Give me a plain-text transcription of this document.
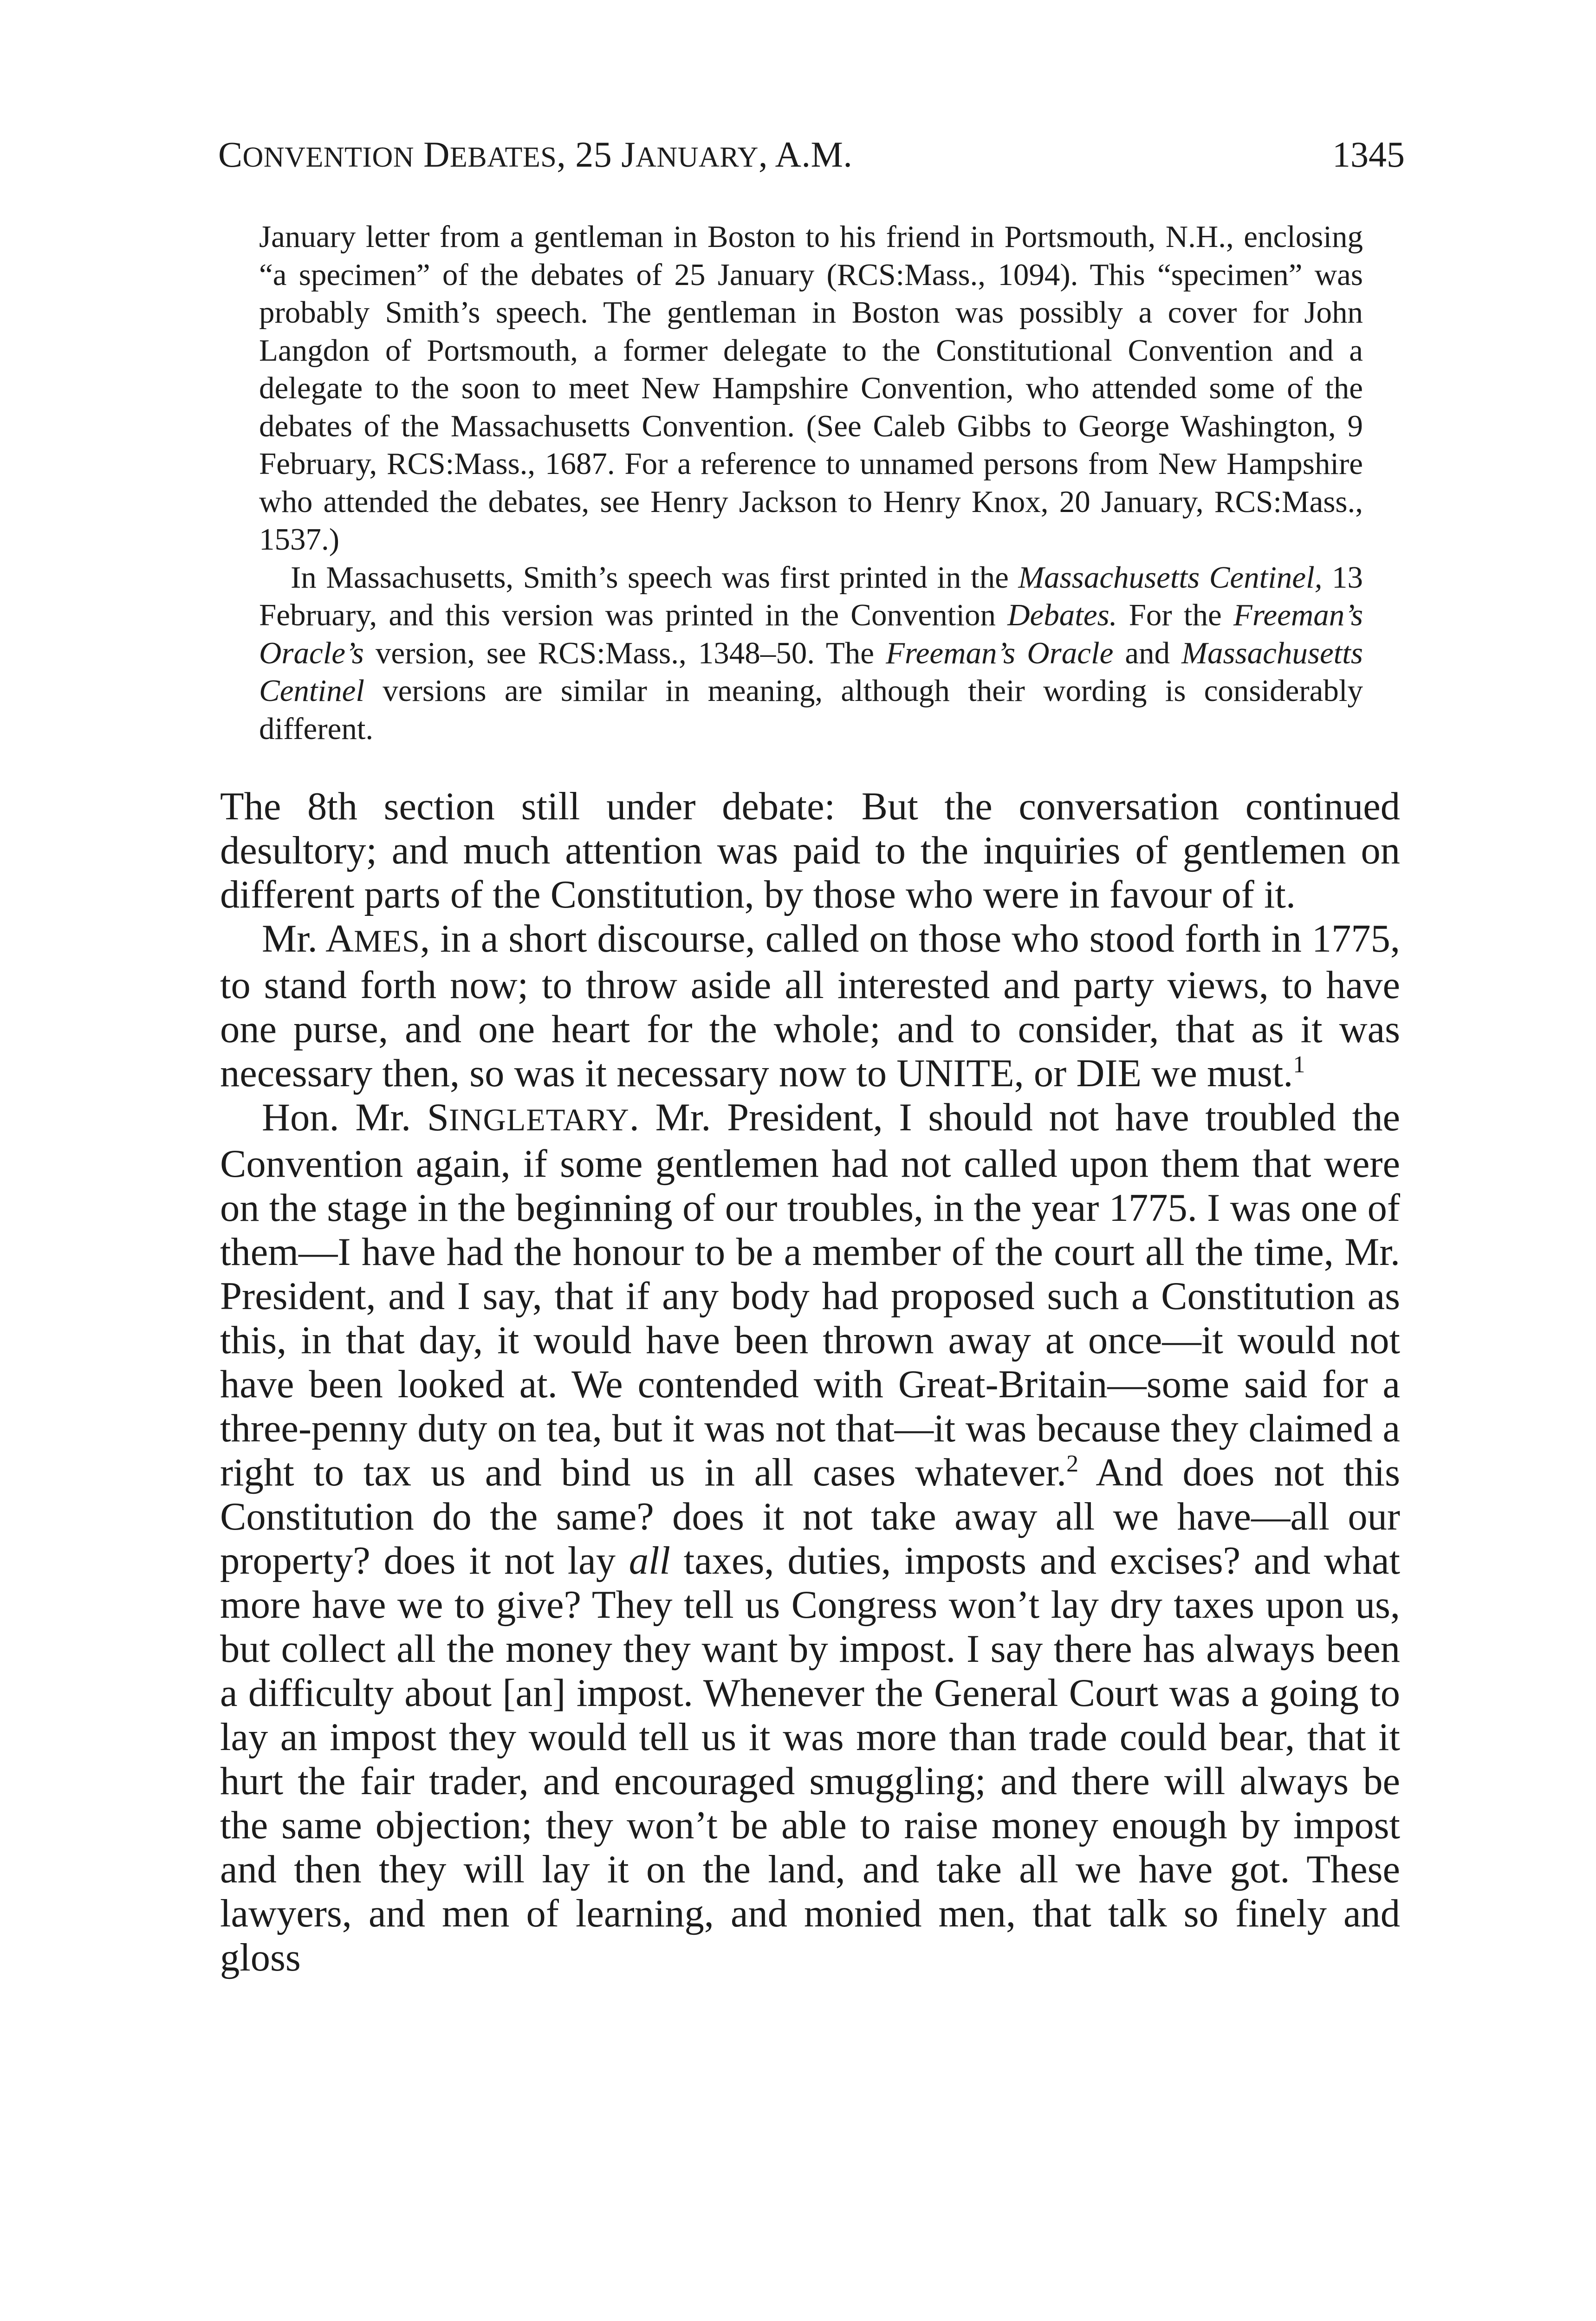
CONVENTION DEBATES, 25 JANUARY, A.M.	1345

January letter from a gentleman in Boston to his friend in Portsmouth, N.H., enclosing “a specimen” of the debates of 25 January (RCS:Mass., 1094). This “specimen” was probably Smith’s speech. The gentleman in Boston was possibly a cover for John Langdon of Portsmouth, a former delegate to the Constitutional Convention and a delegate to the soon to meet New Hampshire Convention, who attended some of the debates of the Massachusetts Convention. (See Caleb Gibbs to George Washington, 9 February, RCS:Mass., 1687. For a reference to unnamed persons from New Hampshire who attended the debates, see Henry Jackson to Henry Knox, 20 January, RCS:Mass., 1537.)

In Massachusetts, Smith’s speech was first printed in the Massachusetts Centinel, 13 February, and this version was printed in the Convention Debates. For the Freeman’s Oracle’s version, see RCS:Mass., 1348–50. The Freeman’s Oracle and Massachusetts Centinel versions are similar in meaning, although their wording is considerably different.

The 8th section still under debate: But the conversation continued desultory; and much attention was paid to the inquiries of gentlemen on different parts of the Constitution, by those who were in favour of it.

Mr. AMES, in a short discourse, called on those who stood forth in 1775, to stand forth now; to throw aside all interested and party views, to have one purse, and one heart for the whole; and to consider, that as it was necessary then, so was it necessary now to UNITE, or DIE we must.$^1$

Hon. Mr. SINGLETARY. Mr. President, I should not have troubled the Convention again, if some gentlemen had not called upon them that were on the stage in the beginning of our troubles, in the year 1775. I was one of them—I have had the honour to be a member of the court all the time, Mr. President, and I say, that if any body had proposed such a Constitution as this, in that day, it would have been thrown away at once—it would not have been looked at. We contended with Great-Britain—some said for a three-penny duty on tea, but it was not that—it was because they claimed a right to tax us and bind us in all cases whatever.$^2$ And does not this Constitution do the same? does it not take away all we have—all our property? does it not lay all taxes, duties, imposts and excises? and what more have we to give? They tell us Congress won’t lay dry taxes upon us, but collect all the money they want by impost. I say there has always been a difficulty about [an] impost. Whenever the General Court was a going to lay an impost they would tell us it was more than trade could bear, that it hurt the fair trader, and encouraged smuggling; and there will always be the same objection; they won’t be able to raise money enough by impost and then they will lay it on the land, and take all we have got. These lawyers, and men of learning, and monied men, that talk so finely and gloss
